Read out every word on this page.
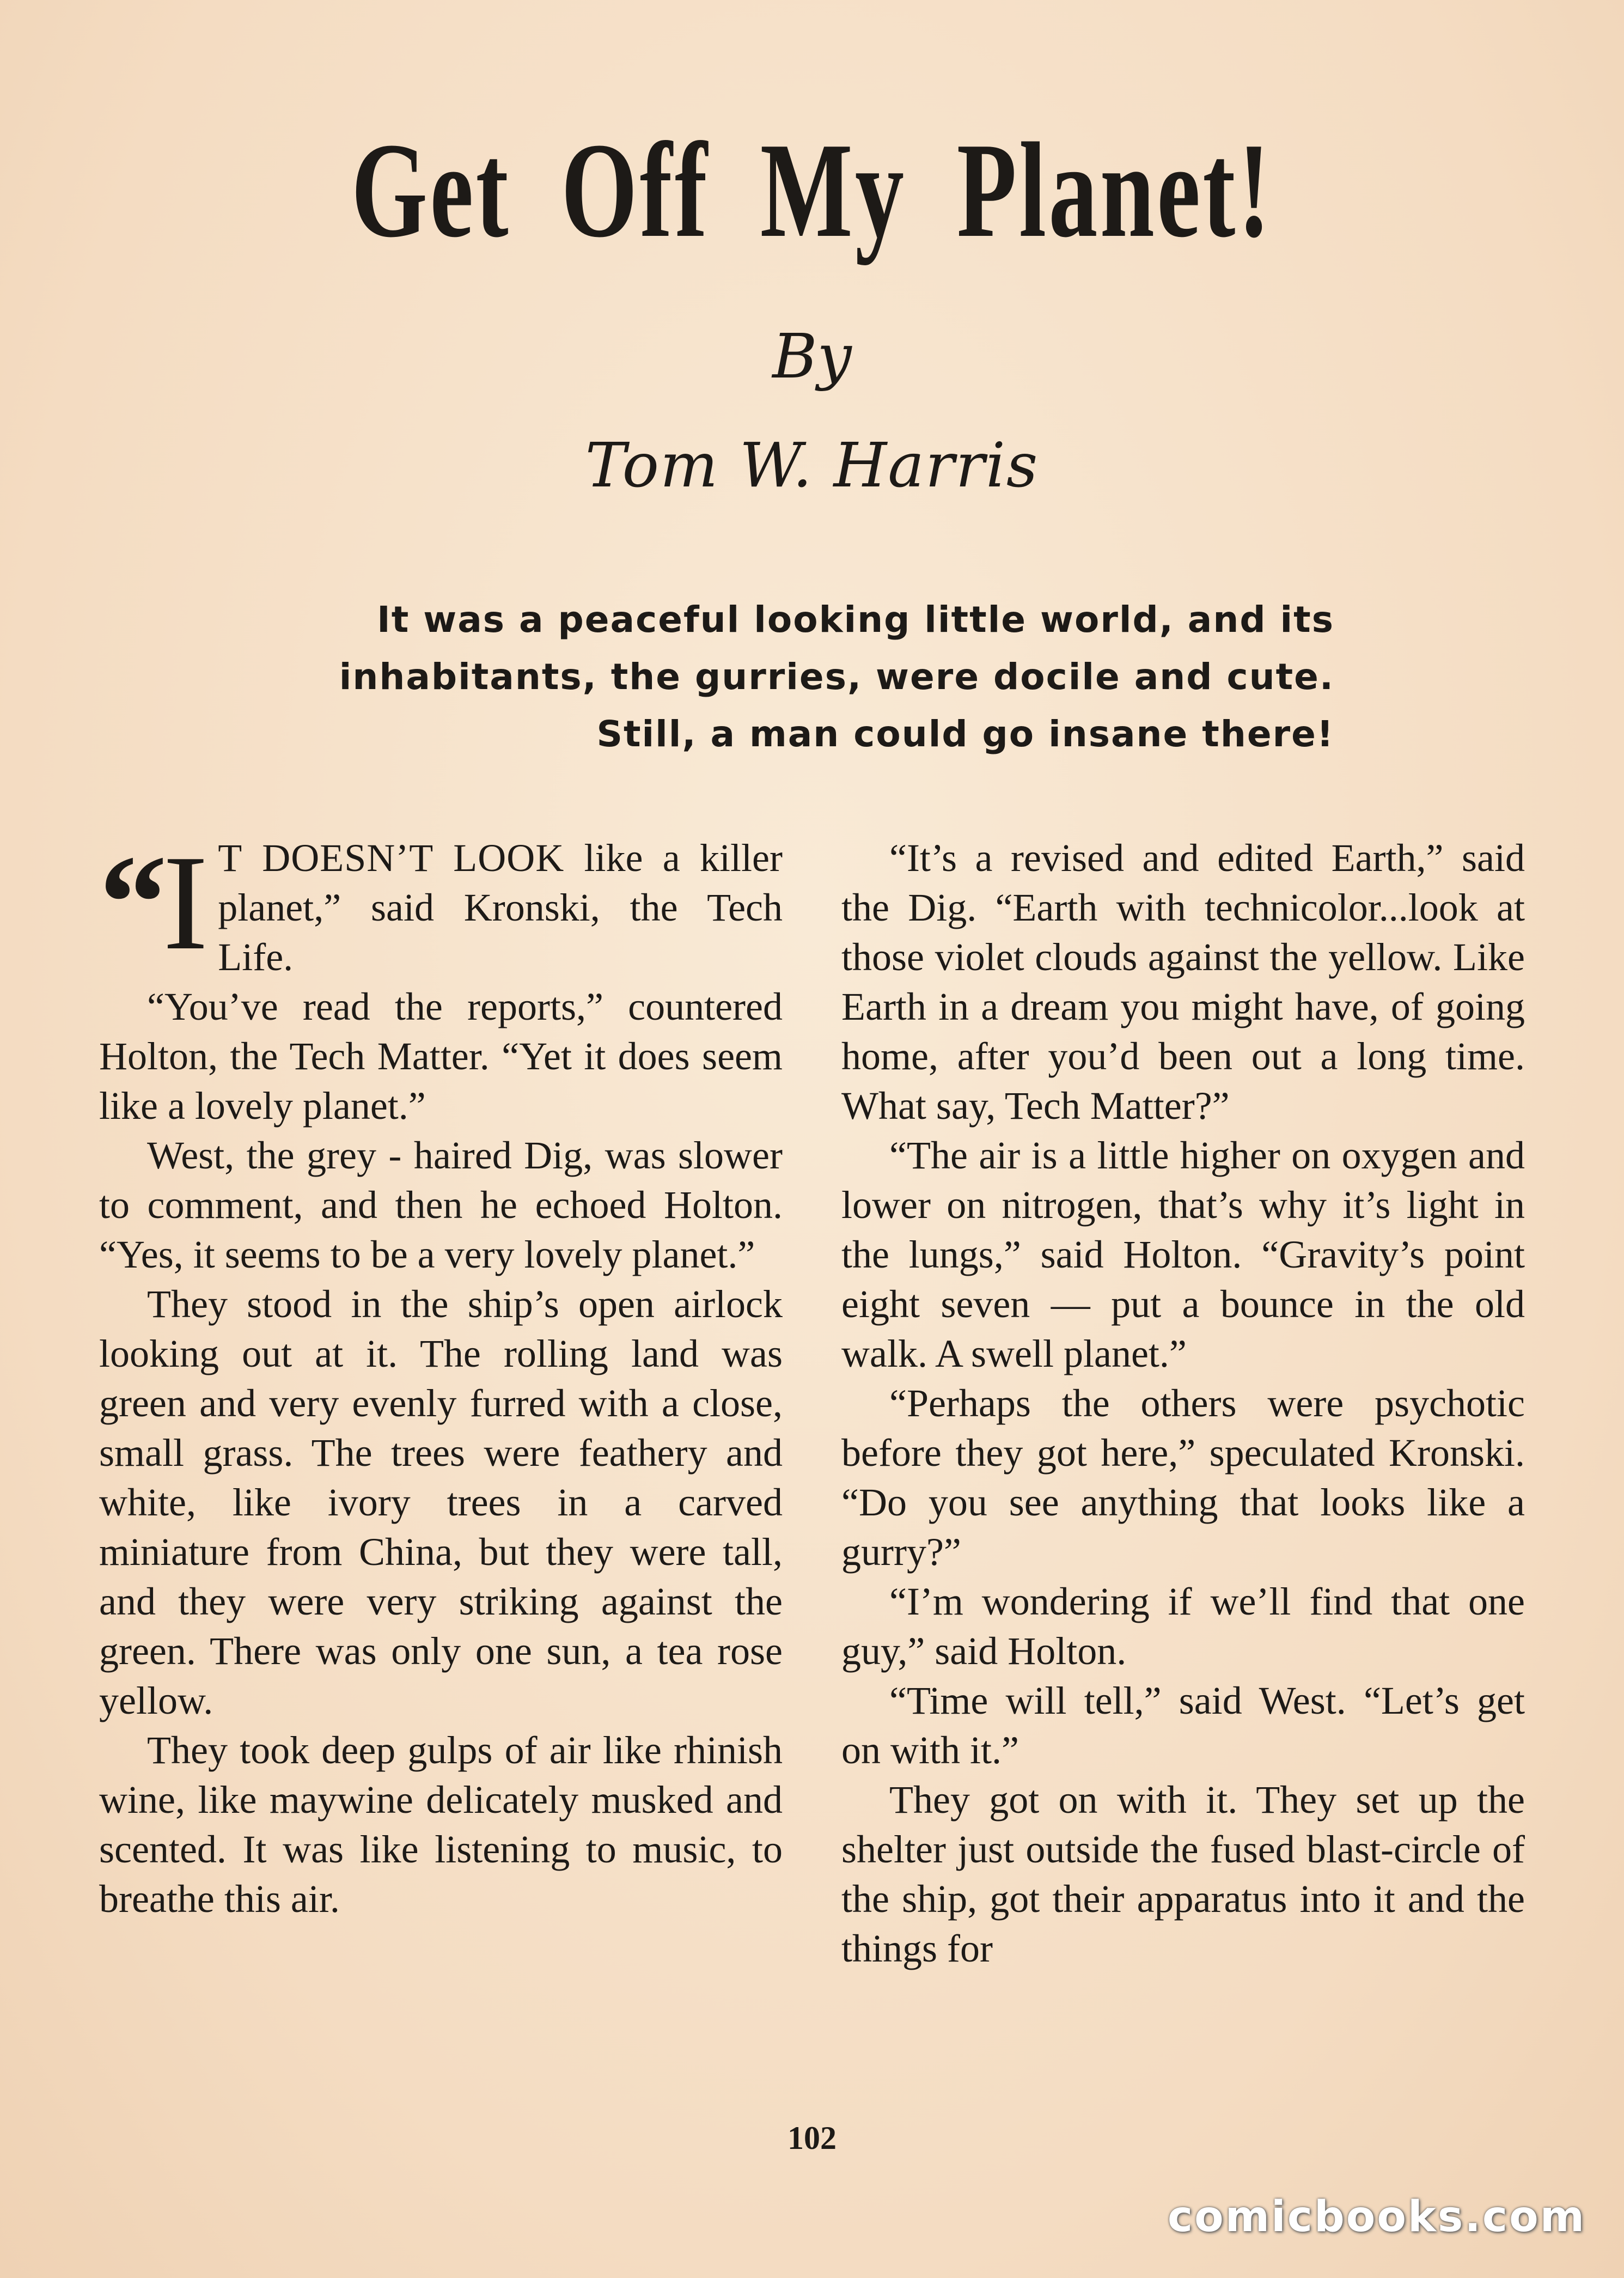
Get Off My Planet!
By
Tom W. Harris

It was a peaceful looking little world, and its inhabitants, the gurries, were docile and cute. Still, a man could go insane there!

“I T DOESN’T LOOK like a killer planet,” said Kronski, the Tech Life.

“You’ve read the reports,” countered Holton, the Tech Matter. “Yet it does seem like a lovely planet.”

West, the grey - haired Dig, was slower to comment, and then he echoed Holton. “Yes, it seems to be a very lovely planet.”

They stood in the ship’s open airlock looking out at it. The rolling land was green and very evenly furred with a close, small grass. The trees were feathery and white, like ivory trees in a carved miniature from China, but they were tall, and they were very striking against the green. There was only one sun, a tea rose yellow.

They took deep gulps of air like rhinish wine, like maywine delicately musked and scented. It was like listening to music, to breathe this air.

“It’s a revised and edited Earth,” said the Dig. “Earth with technicolor...look at those violet clouds against the yellow. Like Earth in a dream you might have, of going home, after you’d been out a long time. What say, Tech Matter?”

“The air is a little higher on oxygen and lower on nitrogen, that’s why it’s light in the lungs,” said Holton. “Gravity’s point eight seven — put a bounce in the old walk. A swell planet.”

“Perhaps the others were psychotic before they got here,” speculated Kronski. “Do you see anything that looks like a gurry?”

“I’m wondering if we’ll find that one guy,” said Holton.

“Time will tell,” said West. “Let’s get on with it.”

They got on with it. They set up the shelter just outside the fused blast-circle of the ship, got their apparatus into it and the things for

102
comicbooks.com
